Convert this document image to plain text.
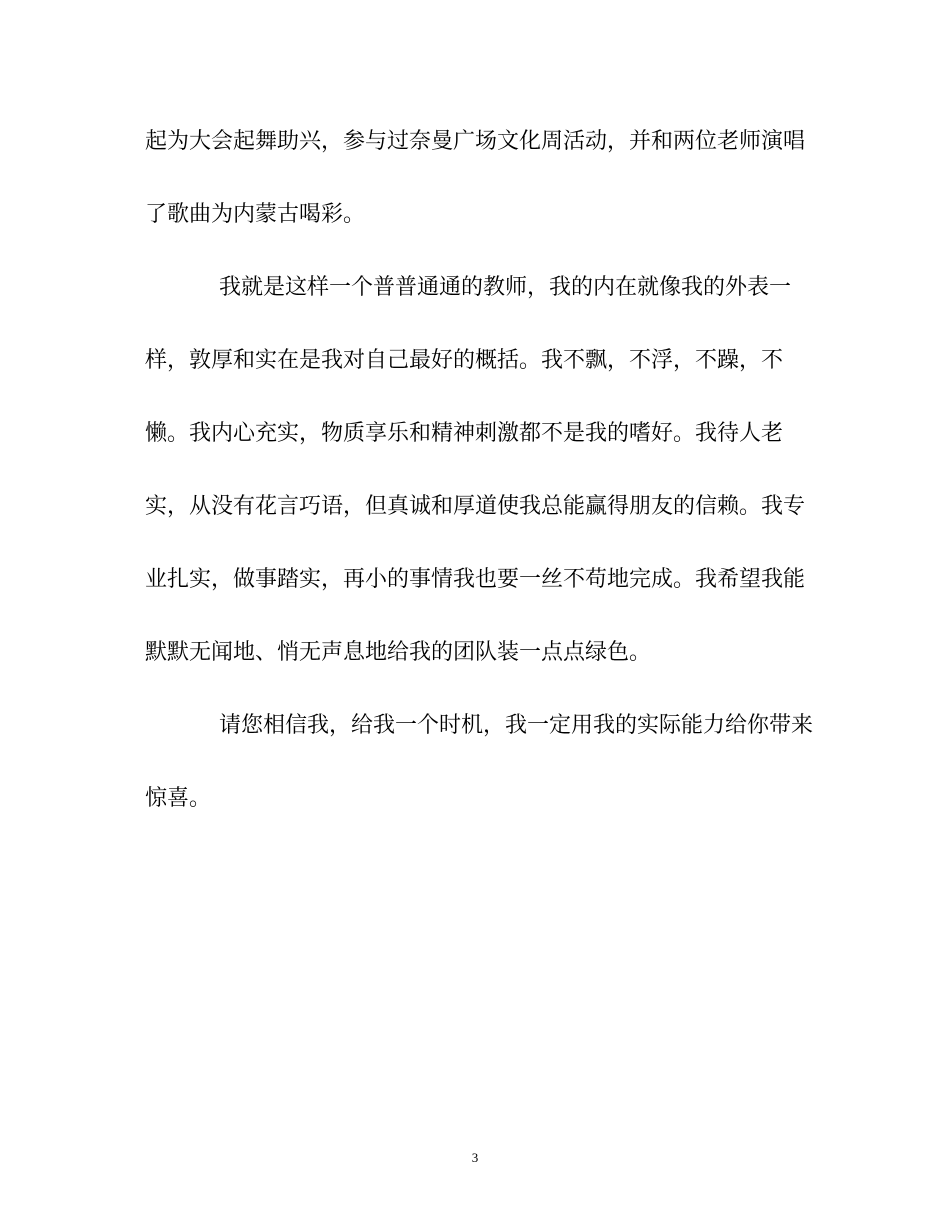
起为大会起舞助兴，参与过奈曼广场文化周活动，并和两位老师演唱
了歌曲为内蒙古喝彩。
我就是这样一个普普通通的教师，我的内在就像我的外表一
样，敦厚和实在是我对自己最好的概括。我不飘，不浮，不躁，不
懒。我内心充实，物质享乐和精神刺激都不是我的嗜好。我待人老
实，从没有花言巧语，但真诚和厚道使我总能赢得朋友的信赖。我专
业扎实，做事踏实，再小的事情我也要一丝不苟地完成。我希望我能
默默无闻地、悄无声息地给我的团队装一点点绿色。
请您相信我，给我一个时机，我一定用我的实际能力给你带来
惊喜。
3
